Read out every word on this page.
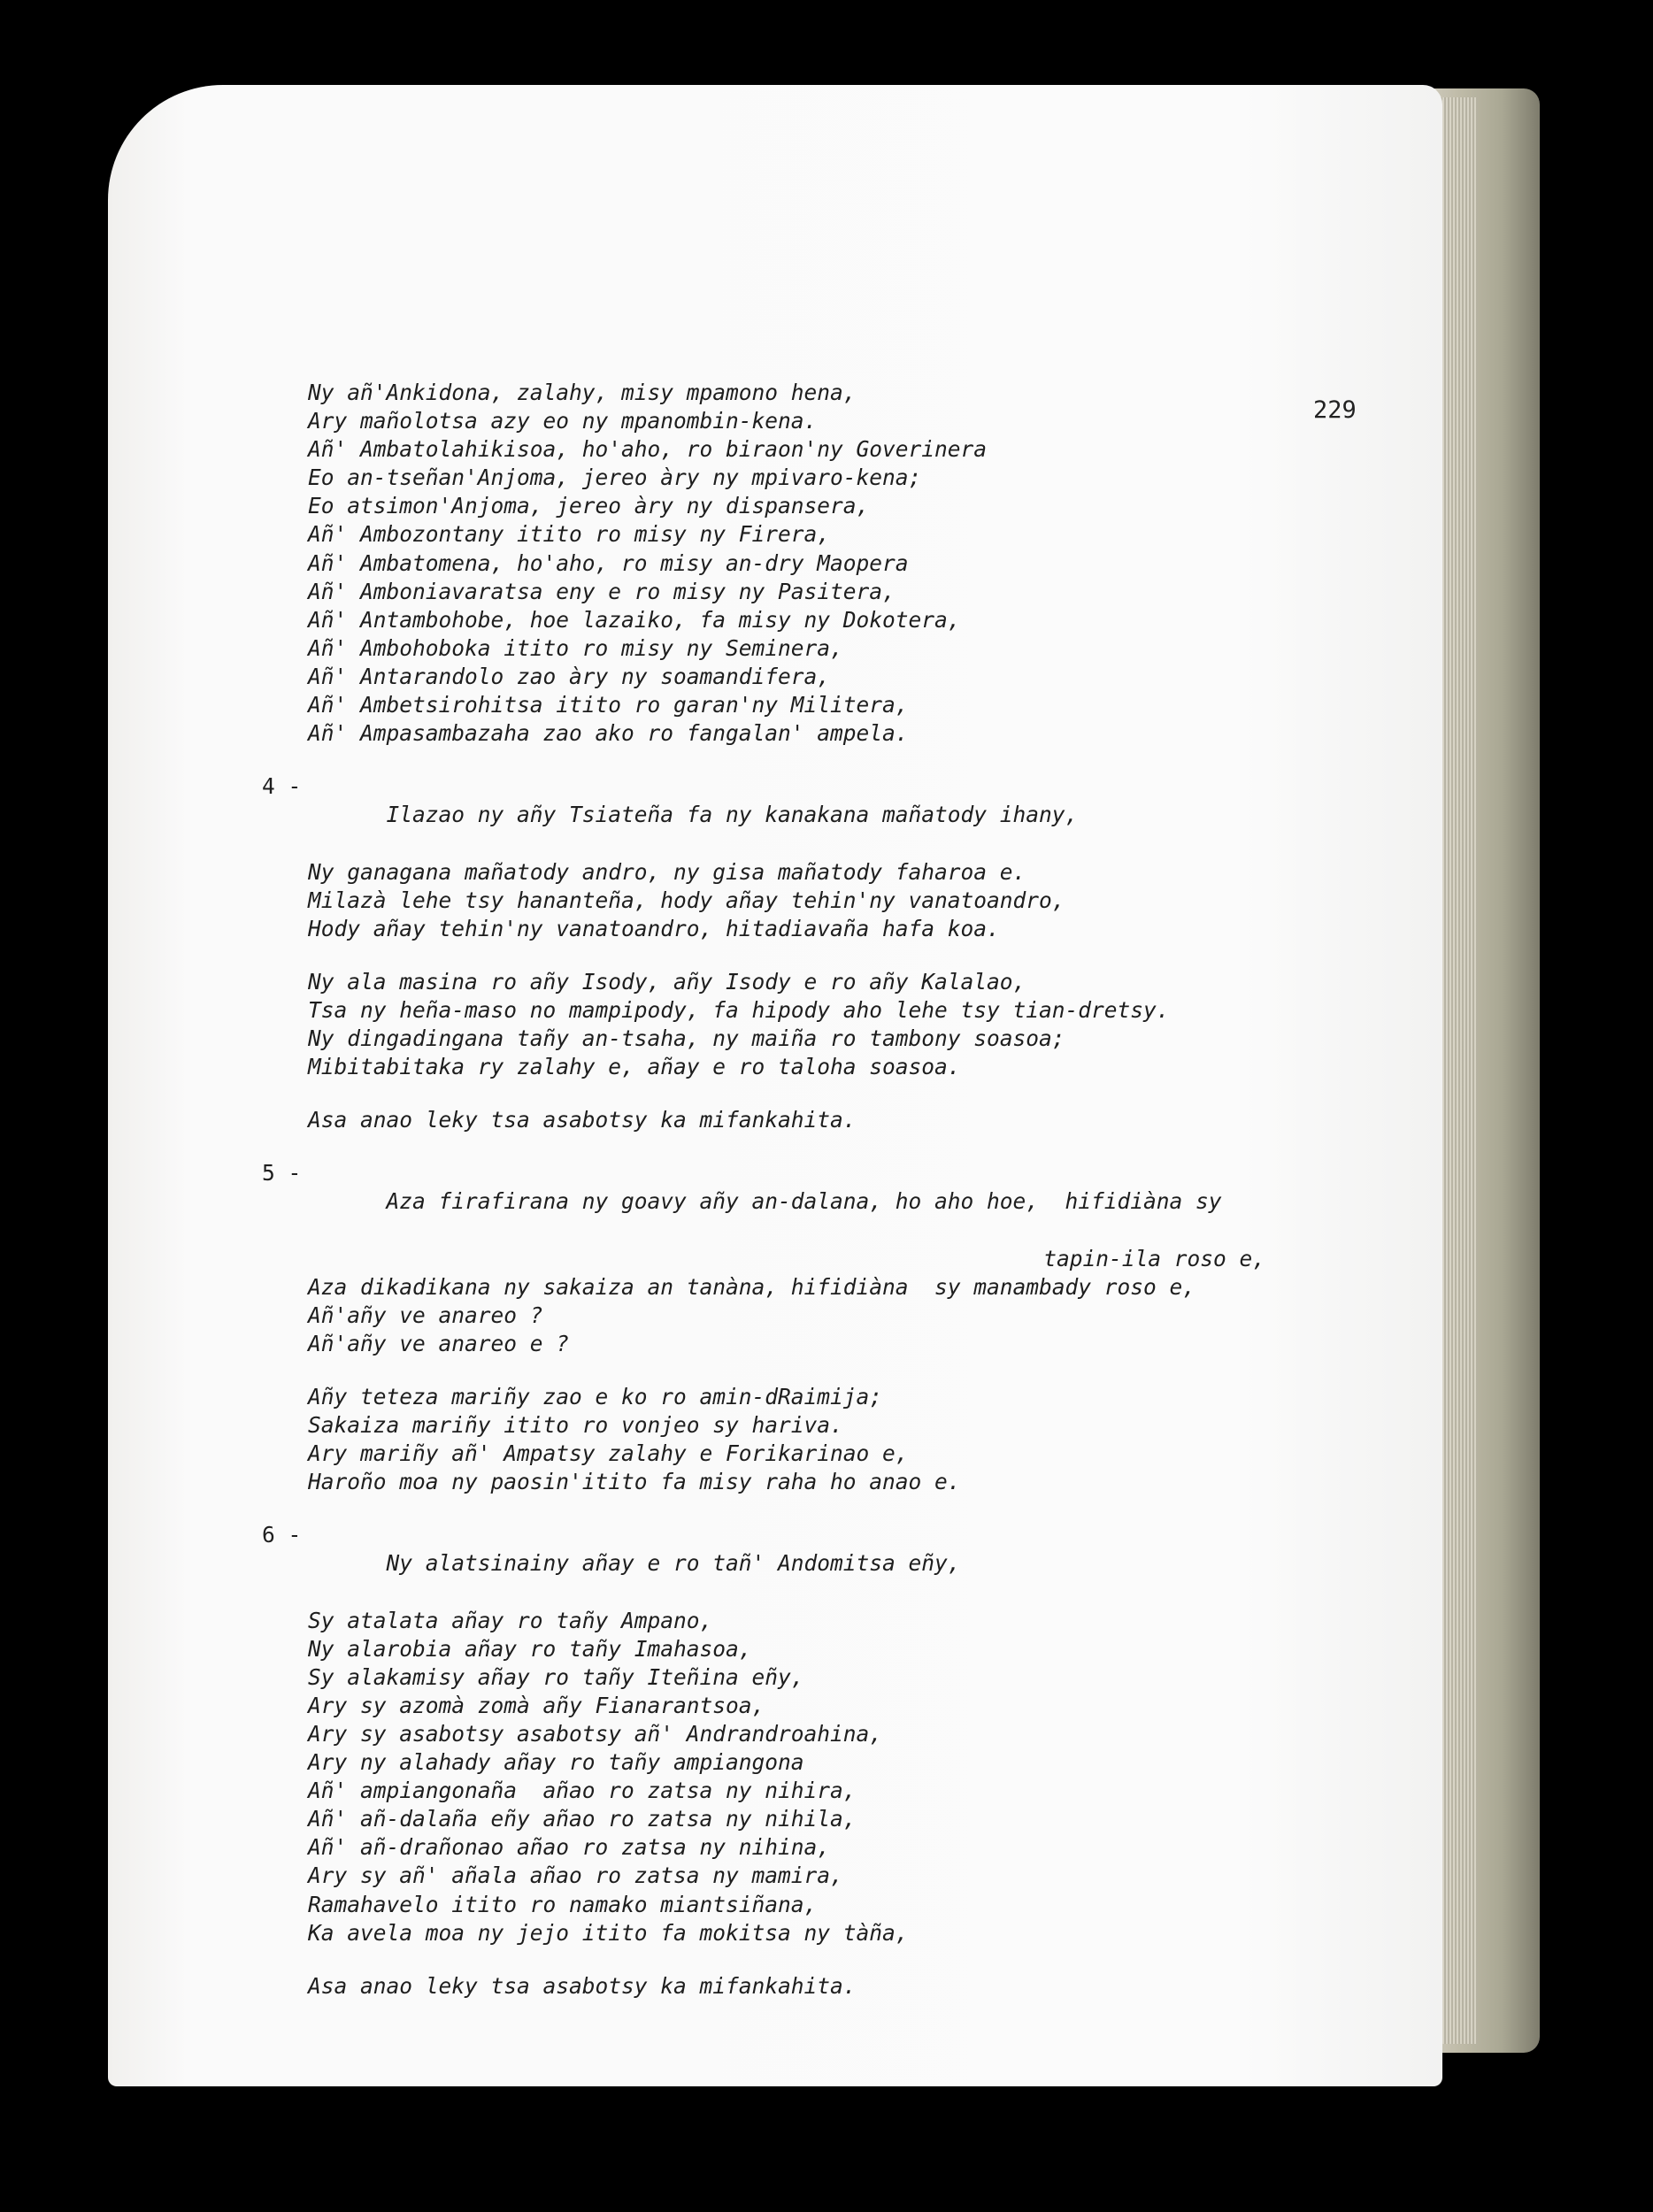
229
Ny añ'Ankidona, zalahy, misy mpamono hena,
Ary mañolotsa azy eo ny mpanombin-kena.
Añ' Ambatolahikisoa, ho'aho, ro biraon'ny Goverinera
Eo an-tseñan'Anjoma, jereo àry ny mpivaro-kena;
Eo atsimon'Anjoma, jereo àry ny dispansera,
Añ' Ambozontany itito ro misy ny Firera,
Añ' Ambatomena, ho'aho, ro misy an-dry Maopera
Añ' Amboniavaratsa eny e ro misy ny Pasitera,
Añ' Antambohobe, hoe lazaiko, fa misy ny Dokotera,
Añ' Ambohoboka itito ro misy ny Seminera,
Añ' Antarandolo zao àry ny soamandifera,
Añ' Ambetsirohitsa itito ro garan'ny Militera,
Añ' Ampasambazaha zao ako ro fangalan' ampela.

4 -
Ilazao ny añy Tsiateña fa ny kanakana mañatody ihany,

Ny ganagana mañatody andro, ny gisa mañatody faharoa e.
Milazà lehe tsy hananteña, hody añay tehin'ny vanatoandro,
Hody añay tehin'ny vanatoandro, hitadiavaña hafa koa.
Ny ala masina ro añy Isody, añy Isody e ro añy Kalalao,
Tsa ny heña-maso no mampipody, fa hipody aho lehe tsy tian-dretsy.
Ny dingadingana tañy an-tsaha, ny maiña ro tambony soasoa;
Mibitabitaka ry zalahy e, añay e ro taloha soasoa.
Asa anao leky tsa asabotsy ka mifankahita.

5 -
Aza firafirana ny goavy añy an-dalana, ho aho hoe,  hifidiàna sy

tapin-ila roso e,
Aza dikadikana ny sakaiza an tanàna, hifidiàna  sy manambady roso e,
Añ'añy ve anareo ?
Añ'añy ve anareo e ?
Añy teteza mariñy zao e ko ro amin-dRaimija;
Sakaiza mariñy itito ro vonjeo sy hariva.
Ary mariñy añ' Ampatsy zalahy e Forikarinao e,
Haroño moa ny paosin'itito fa misy raha ho anao e.

6 -
Ny alatsinainy añay e ro tañ' Andomitsa eñy,

Sy atalata añay ro tañy Ampano,
Ny alarobia añay ro tañy Imahasoa,
Sy alakamisy añay ro tañy Iteñina eñy,
Ary sy azomà zomà añy Fianarantsoa,
Ary sy asabotsy asabotsy añ' Andrandroahina,
Ary ny alahady añay ro tañy ampiangona
Añ' ampiangonaña  añao ro zatsa ny nihira,
Añ' añ-dalaña eñy añao ro zatsa ny nihila,
Añ' añ-drañonao añao ro zatsa ny nihina,
Ary sy añ' añala añao ro zatsa ny mamira,
Ramahavelo itito ro namako miantsiñana,
Ka avela moa ny jejo itito fa mokitsa ny tàña,
Asa anao leky tsa asabotsy ka mifankahita.
